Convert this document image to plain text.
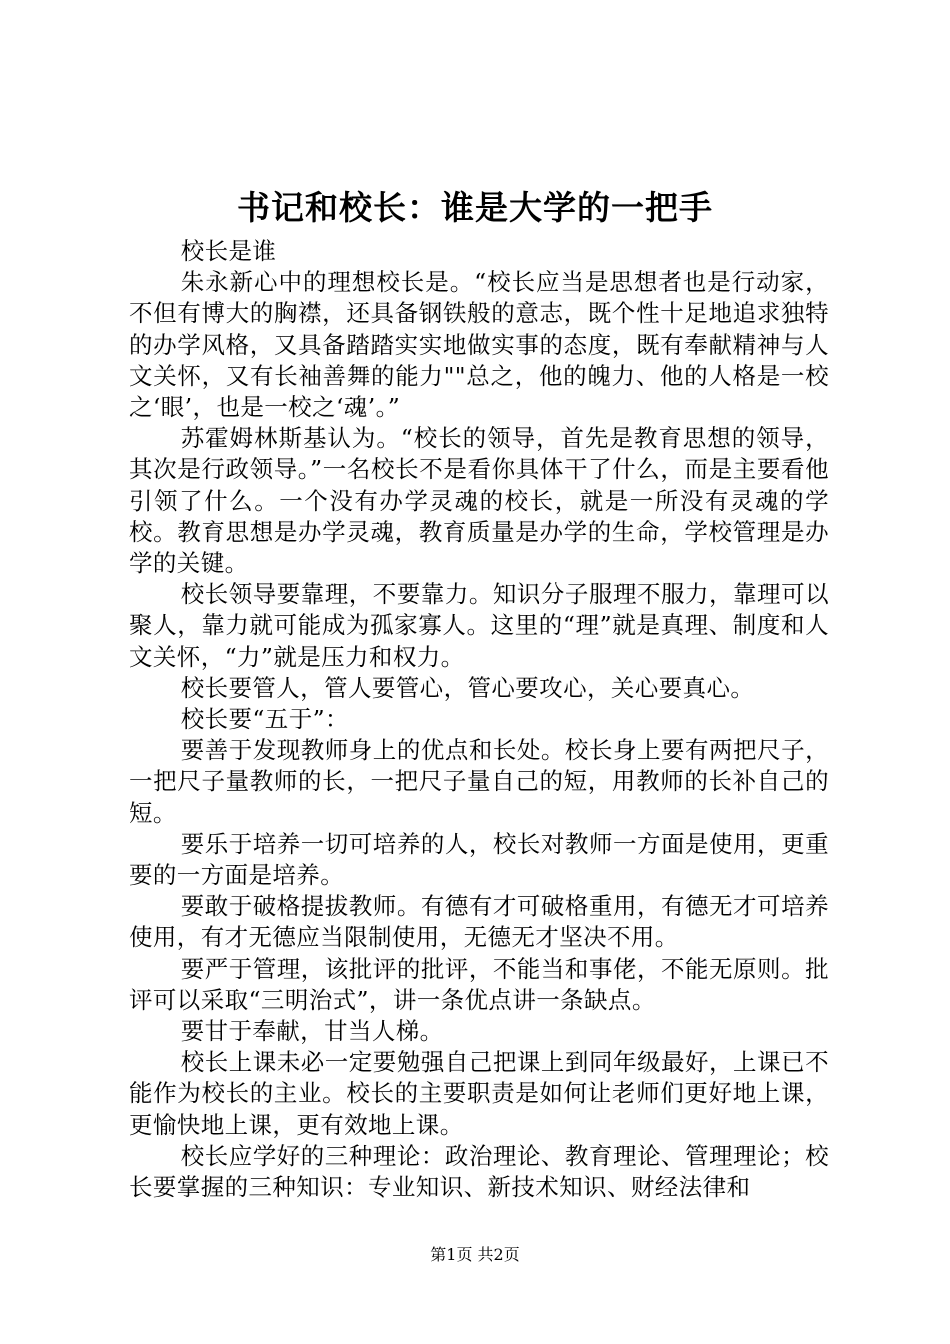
书记和校长：谁是大学的一把手

校长是谁

朱永新心中的理想校长是。“校长应当是思想者也是行动家，不但有博大的胸襟，还具备钢铁般的意志，既个性十足地追求独特的办学风格，又具备踏踏实实地做实事的态度，既有奉献精神与人文关怀，又有长袖善舞的能力""总之，他的魄力、他的人格是一校之‘眼’，也是一校之‘魂’。”

苏霍姆林斯基认为。“校长的领导，首先是教育思想的领导，其次是行政领导。”一名校长不是看你具体干了什么，而是主要看他引领了什么。一个没有办学灵魂的校长，就是一所没有灵魂的学校。教育思想是办学灵魂，教育质量是办学的生命，学校管理是办学的关键。

校长领导要靠理，不要靠力。知识分子服理不服力，靠理可以聚人，靠力就可能成为孤家寡人。这里的“理”就是真理、制度和人文关怀，“力”就是压力和权力。

校长要管人，管人要管心，管心要攻心，关心要真心。

校长要“五于”：

要善于发现教师身上的优点和长处。校长身上要有两把尺子，一把尺子量教师的长，一把尺子量自己的短，用教师的长补自己的短。

要乐于培养一切可培养的人，校长对教师一方面是使用，更重要的一方面是培养。

要敢于破格提拔教师。有德有才可破格重用，有德无才可培养使用，有才无德应当限制使用，无德无才坚决不用。

要严于管理，该批评的批评，不能当和事佬，不能无原则。批评可以采取“三明治式”，讲一条优点讲一条缺点。

要甘于奉献，甘当人梯。

校长上课未必一定要勉强自己把课上到同年级最好，上课已不能作为校长的主业。校长的主要职责是如何让老师们更好地上课，更愉快地上课，更有效地上课。

校长应学好的三种理论：政治理论、教育理论、管理理论；校长要掌握的三种知识：专业知识、新技术知识、财经法律和

第1页 共2页
